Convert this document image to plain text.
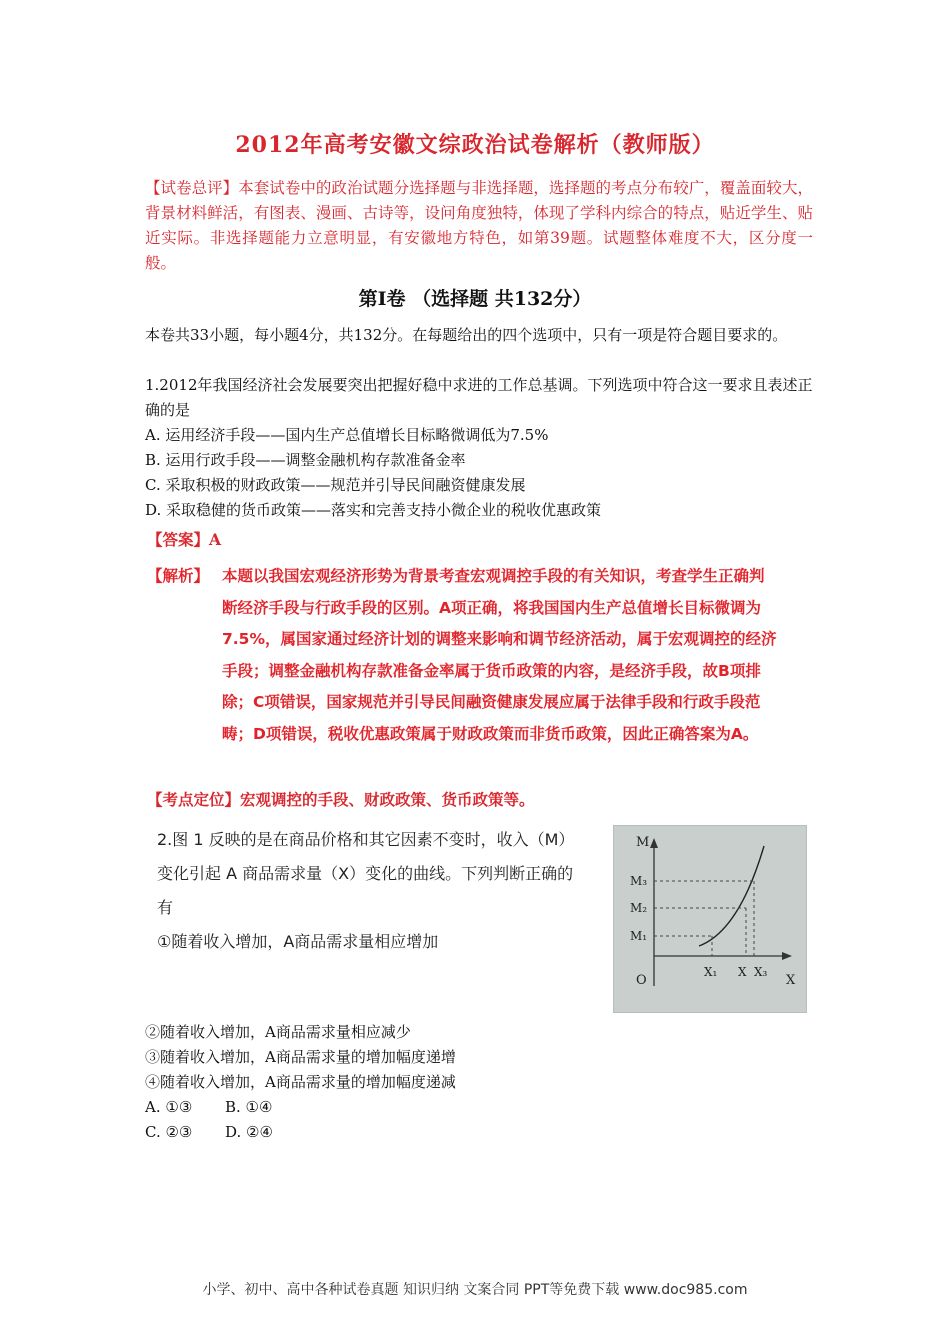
2012年高考安徽文综政治试卷解析（教师版）
【试卷总评】本套试卷中的政治试题分选择题与非选择题，选择题的考点分布较广，覆盖面较大，背景材料鲜活，有图表、漫画、古诗等，设问角度独特，体现了学科内综合的特点，贴近学生、贴近实际。非选择题能力立意明显，有安徽地方特色，如第39题。试题整体难度不大，区分度一般。
第Ⅰ卷 （选择题 共132分）
本卷共33小题，每小题4分，共132分。在每题给出的四个选项中，只有一项是符合题目要求的。
1.2012年我国经济社会发展要突出把握好稳中求进的工作总基调。下列选项中符合这一要求且表述正确的是
A. 运用经济手段——国内生产总值增长目标略微调低为7.5%
B. 运用行政手段——调整金融机构存款准备金率
C. 采取积极的财政政策——规范并引导民间融资健康发展
D. 采取稳健的货币政策——落实和完善支持小微企业的税收优惠政策
【答案】A
【解析】 本题以我国宏观经济形势为背景考查宏观调控手段的有关知识，考查学生正确判
断经济手段与行政手段的区别。A项正确，将我国国内生产总值增长目标微调为
7.5%，属国家通过经济计划的调整来影响和调节经济活动，属于宏观调控的经济
手段；调整金融机构存款准备金率属于货币政策的内容，是经济手段，故B项排
除；C项错误，国家规范并引导民间融资健康发展应属于法律手段和行政手段范
畴；D项错误，税收优惠政策属于财政政策而非货币政策，因此正确答案为A。
【考点定位】宏观调控的手段、财政政策、货币政策等。
2.图 1 反映的是在商品价格和其它因素不变时，收入（M）
变化引起 A 商品需求量（X）变化的曲线。下列判断正确的
有
①随着收入增加，A商品需求量相应增加
M
M₃
M₂
M₁
O
X₁ X X₃
X
②随着收入增加，A商品需求量相应减少
③随着收入增加，A商品需求量的增加幅度递增
④随着收入增加，A商品需求量的增加幅度递减
A. ①③ B. ①④
C. ②③ D. ②④
小学、初中、高中各种试卷真题 知识归纳 文案合同 PPT等免费下载 www.doc985.com
